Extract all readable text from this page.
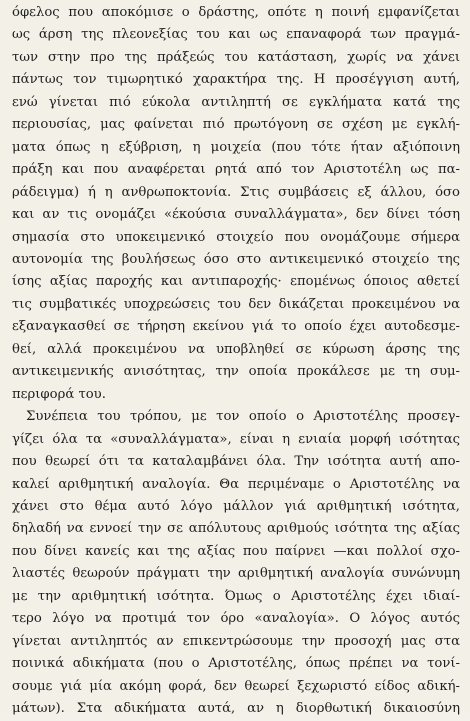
όφελος που αποκόμισε ο δράστης, οπότε η ποινή εμφανίζεται
ως άρση της πλεονεξίας του και ως επαναφορά των πραγμά-
των στην προ της πράξεώς του κατάσταση, χωρίς να χάνει
πάντως τον τιμωρητικό χαρακτήρα της. Η προσέγγιση αυτή,
ενώ γίνεται πιό εύκολα αντιληπτή σε εγκλήματα κατά της
περιουσίας, μας φαίνεται πιό πρωτόγονη σε σχέση με εγκλή-
ματα όπως η εξύβριση, η μοιχεία (που τότε ήταν αξιόποινη
πράξη και που αναφέρεται ρητά από τον Αριστοτέλη ως πα-
ράδειγμα) ή η ανθρωποκτονία. Στις συμβάσεις εξ άλλου, όσο
και αν τις ονομάζει «έκούσια συναλλάγματα», δεν δίνει τόση
σημασία στο υποκειμενικό στοιχείο που ονομάζουμε σήμερα
αυτονομία της βουλήσεως όσο στο αντικειμενικό στοιχείο της
ίσης αξίας παροχής και αντιπαροχής· επομένως όποιος αθετεί
τις συμβατικές υποχρεώσεις του δεν δικάζεται προκειμένου να
εξαναγκασθεί σε τήρηση εκείνου γιά το οποίο έχει αυτοδεσμε-
θεί, αλλά προκειμένου να υποβληθεί σε κύρωση άρσης της
αντικειμενικής ανισότητας, την οποία προκάλεσε με τη συμ-
περιφορά του.
Συνέπεια του τρόπου, με τον οποίο ο Αριστοτέλης προσεγ-
γίζει όλα τα «συναλλάγματα», είναι η ενιαία μορφή ισότητας
που θεωρεί ότι τα καταλαμβάνει όλα. Την ισότητα αυτή απο-
καλεί αριθμητική αναλογία. Θα περιμέναμε ο Αριστοτέλης να
χάνει στο θέμα αυτό λόγο μάλλον γιά αριθμητική ισότητα,
δηλαδή να εννοεί την σε απόλυτους αριθμούς ισότητα της αξίας
που δίνει κανείς και της αξίας που παίρνει —και πολλοί σχο-
λιαστές θεωρούν πράγματι την αριθμητική αναλογία συνώνυμη
με την αριθμητική ισότητα. Όμως ο Αριστοτέλης έχει ιδιαί-
τερο λόγο να προτιμά τον όρο «αναλογία». Ο λόγος αυτός
γίνεται αντιληπτός αν επικεντρώσουμε την προσοχή μας στα
ποινικά αδικήματα (που ο Αριστοτέλης, όπως πρέπει να τονί-
σουμε γιά μία ακόμη φορά, δεν θεωρεί ξεχωριστό είδος αδική-
μάτων). Στα αδικήματα αυτά, αν η διορθωτική δικαιοσύνη
